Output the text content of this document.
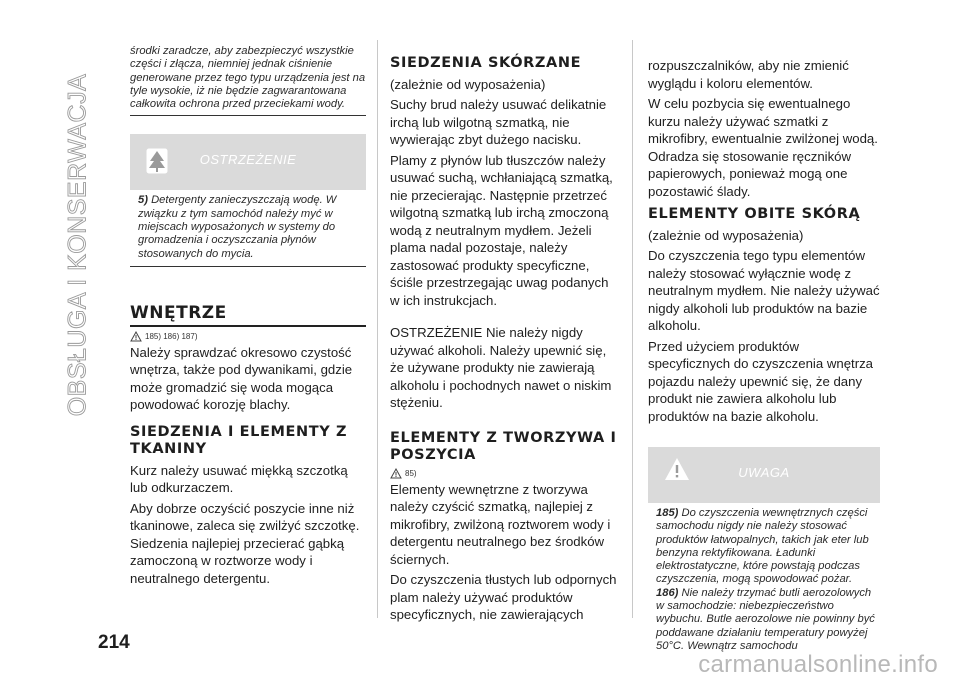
OBSŁUGA I KONSERWACJA
środki zaradcze, aby zabezpieczyć wszystkie części i złącza, niemniej jednak ciśnienie generowane przez tego typu urządzenia jest na tyle wysokie, iż nie będzie zagwarantowana całkowita ochrona przed przeciekami wody.
OSTRZEŻENIE
5) Detergenty zanieczyszczają wodę. W związku z tym samochód należy myć w miejscach wyposażonych w systemy do gromadzenia i oczyszczania płynów stosowanych do mycia.
WNĘTRZE
185) 186) 187)

Należy sprawdzać okresowo czystość wnętrza, także pod dywanikami, gdzie może gromadzić się woda mogąca powodować korozję blachy.

SIEDZENIA I ELEMENTY Z TKANINY

Kurz należy usuwać miękką szczotką lub odkurzaczem.

Aby dobrze oczyścić poszycie inne niż tkaninowe, zaleca się zwilżyć szczotkę. Siedzenia najlepiej przecierać gąbką zamoczoną w roztworze wody i neutralnego detergentu.

SIEDZENIA SKÓRZANE

(zależnie od wyposażenia)

Suchy brud należy usuwać delikatnie irchą lub wilgotną szmatką, nie wywierając zbyt dużego nacisku.

Plamy z płynów lub tłuszczów należy usuwać suchą, wchłaniającą szmatką, nie przecierając. Następnie przetrzeć wilgotną szmatką lub irchą zmoczoną wodą z neutralnym mydłem. Jeżeli plama nadal pozostaje, należy zastosować produkty specyficzne, ściśle przestrzegając uwag podanych w ich instrukcjach.

OSTRZEŻENIE Nie należy nigdy używać alkoholi. Należy upewnić się, że używane produkty nie zawierają alkoholu i pochodnych nawet o niskim stężeniu.

ELEMENTY Z TWORZYWA I POSZYCIA
85)

Elementy wewnętrzne z tworzywa należy czyścić szmatką, najlepiej z mikrofibry, zwilżoną roztworem wody i detergentu neutralnego bez środków ściernych.

Do czyszczenia tłustych lub odpornych plam należy używać produktów specyficznych, nie zawierających

rozpuszczalników, aby nie zmienić wyglądu i koloru elementów.

W celu pozbycia się ewentualnego kurzu należy używać szmatki z mikrofibry, ewentualnie zwilżonej wodą. Odradza się stosowanie ręczników papierowych, ponieważ mogą one pozostawić ślady.

ELEMENTY OBITE SKÓRĄ

(zależnie od wyposażenia)

Do czyszczenia tego typu elementów należy stosować wyłącznie wodę z neutralnym mydłem. Nie należy używać nigdy alkoholi lub produktów na bazie alkoholu.

Przed użyciem produktów specyficznych do czyszczenia wnętrza pojazdu należy upewnić się, że dany produkt nie zawiera alkoholu lub produktów na bazie alkoholu.

UWAGA
185) Do czyszczenia wewnętrznych części samochodu nigdy nie należy stosować produktów łatwopalnych, takich jak eter lub benzyna rektyfikowana. Ładunki elektrostatyczne, które powstają podczas czyszczenia, mogą spowodować pożar.
186) Nie należy trzymać butli aerozolowych w samochodzie: niebezpieczeństwo wybuchu. Butle aerozolowe nie powinny być poddawane działaniu temperatury powyżej 50°C. Wewnątrz samochodu
214
carmanualsonline.info
